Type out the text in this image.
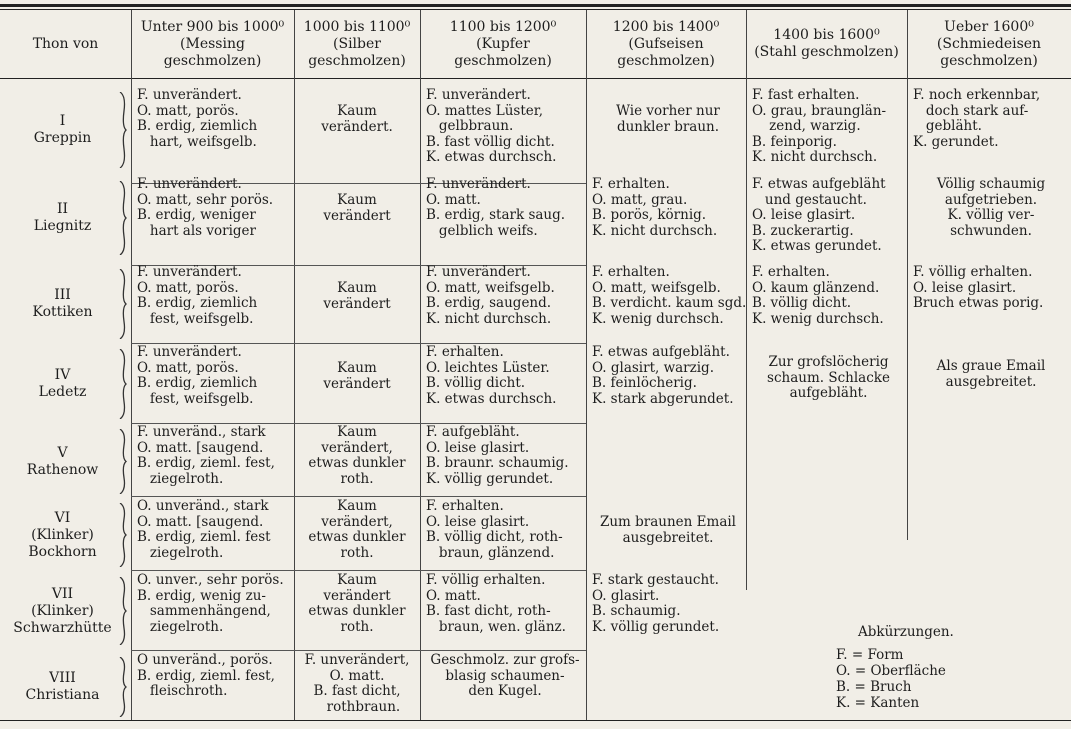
Thon von
Unter 900 bis 1000⁰
(Messing
geschmolzen)
1000 bis 1100⁰
(Silber
geschmolzen)
1100 bis 1200⁰
(Kupfer
geschmolzen)
1200 bis 1400⁰
(Gufseisen
geschmolzen)
1400 bis 1600⁰
(Stahl geschmolzen)
Ueber 1600⁰
(Schmiedeisen
geschmolzen)
I
Greppin
F. unverändert.
O. matt, porös.
B. erdig, ziemlich
hart, weifsgelb.
Kaum
verändert.
F. unverändert.
O. mattes Lüster,
gelbbraun.
B. fast völlig dicht.
K. etwas durchsch.
Wie vorher nur
dunkler braun.
F. fast erhalten.
O. grau, braunglän-
zend, warzig.
B. feinporig.
K. nicht durchsch.
F. noch erkennbar,
doch stark auf-
gebläht.
K. gerundet.
II
Liegnitz
F. unverändert.
O. matt, sehr porös.
B. erdig, weniger
hart als voriger
Kaum
verändert
F. unverändert.
O. matt.
B. erdig, stark saug.
gelblich weifs.
F. erhalten.
O. matt, grau.
B. porös, körnig.
K. nicht durchsch.
F. etwas aufgebläht
und gestaucht.
O. leise glasirt.
B. zuckerartig.
K. etwas gerundet.
Völlig schaumig
aufgetrieben.
K. völlig ver-
schwunden.
III
Kottiken
F. unverändert.
O. matt, porös.
B. erdig, ziemlich
fest, weifsgelb.
Kaum
verändert
F. unverändert.
O. matt, weifsgelb.
B. erdig, saugend.
K. nicht durchsch.
F. erhalten.
O. matt, weifsgelb.
B. verdicht. kaum sgd.
K. wenig durchsch.
F. erhalten.
O. kaum glänzend.
B. völlig dicht.
K. wenig durchsch.
F. völlig erhalten.
O. leise glasirt.
Bruch etwas porig.
IV
Ledetz
F. unverändert.
O. matt, porös.
B. erdig, ziemlich
fest, weifsgelb.
Kaum
verändert
F. erhalten.
O. leichtes Lüster.
B. völlig dicht.
K. etwas durchsch.
F. etwas aufgebläht.
O. glasirt, warzig.
B. feinlöcherig.
K. stark abgerundet.
Zur grofslöcherig
schaum. Schlacke
aufgebläht.
Als graue Email
ausgebreitet.
V
Rathenow
F. unveränd., stark
O. matt. [saugend.
B. erdig, zieml. fest,
ziegelroth.
Kaum
verändert,
etwas dunkler
roth.
F. aufgebläht.
O. leise glasirt.
B. braunr. schaumig.
K. völlig gerundet.
VI
(Klinker)
Bockhorn
O. unveränd., stark
O. matt. [saugend.
B. erdig, zieml. fest
ziegelroth.
Kaum
verändert,
etwas dunkler
roth.
F. erhalten.
O. leise glasirt.
B. völlig dicht, roth-
braun, glänzend.
Zum braunen Email
ausgebreitet.
VII
(Klinker)
Schwarzhütte
O. unver., sehr porös.
B. erdig, wenig zu-
sammenhängend,
ziegelroth.
Kaum
verändert
etwas dunkler
roth.
F. völlig erhalten.
O. matt.
B. fast dicht, roth-
braun, wen. glänz.
F. stark gestaucht.
O. glasirt.
B. schaumig.
K. völlig gerundet.
VIII
Christiana
O unveränd., porös.
B. erdig, zieml. fest,
fleischroth.
F. unverändert,
O. matt.
B. fast dicht,
rothbraun.
Geschmolz. zur grofs-
blasig schaumen-
den Kugel.
Abkürzungen.
F. = Form
O. = Oberfläche
B. = Bruch
K. = Kanten
